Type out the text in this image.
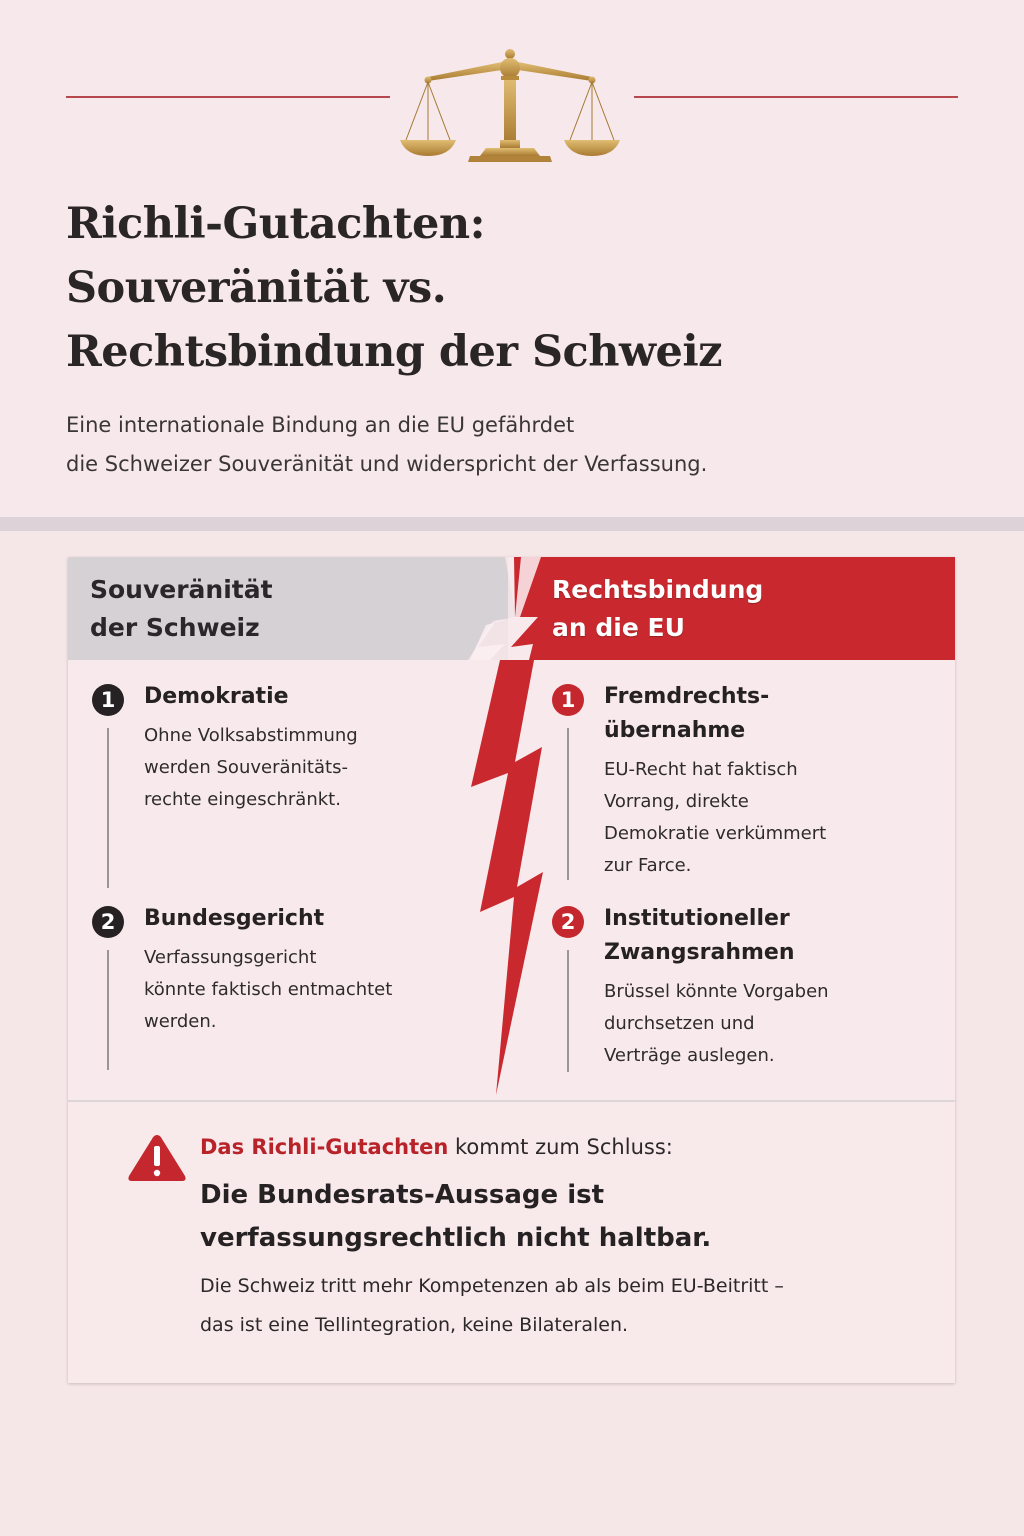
Richli-Gutachten:
Souveränität vs.
Rechtsbindung der Schweiz
Eine internationale Bindung an die EU gefährdet
die Schweizer Souveränität und widerspricht der Verfassung.
Souveränität
der Schweiz
Rechtsbindung
an die EU
1	Demokratie
Ohne Volksabstimmung
werden Souveränitäts-
rechte eingeschränkt.
2	Bundesgericht
Verfassungsgericht
könnte faktisch entmachtet
werden.
1	Fremdrechts-
übernahme
EU-Recht hat faktisch
Vorrang, direkte
Demokratie verkümmert
zur Farce.
2	Institutioneller
Zwangsrahmen
Brüssel könnte Vorgaben
durchsetzen und
Verträge auslegen.
Das Richli-Gutachten kommt zum Schluss:
Die Bundesrats-Aussage ist
verfassungsrechtlich nicht haltbar.
Die Schweiz tritt mehr Kompetenzen ab als beim EU-Beitritt –
das ist eine Tellintegration, keine Bilateralen.
